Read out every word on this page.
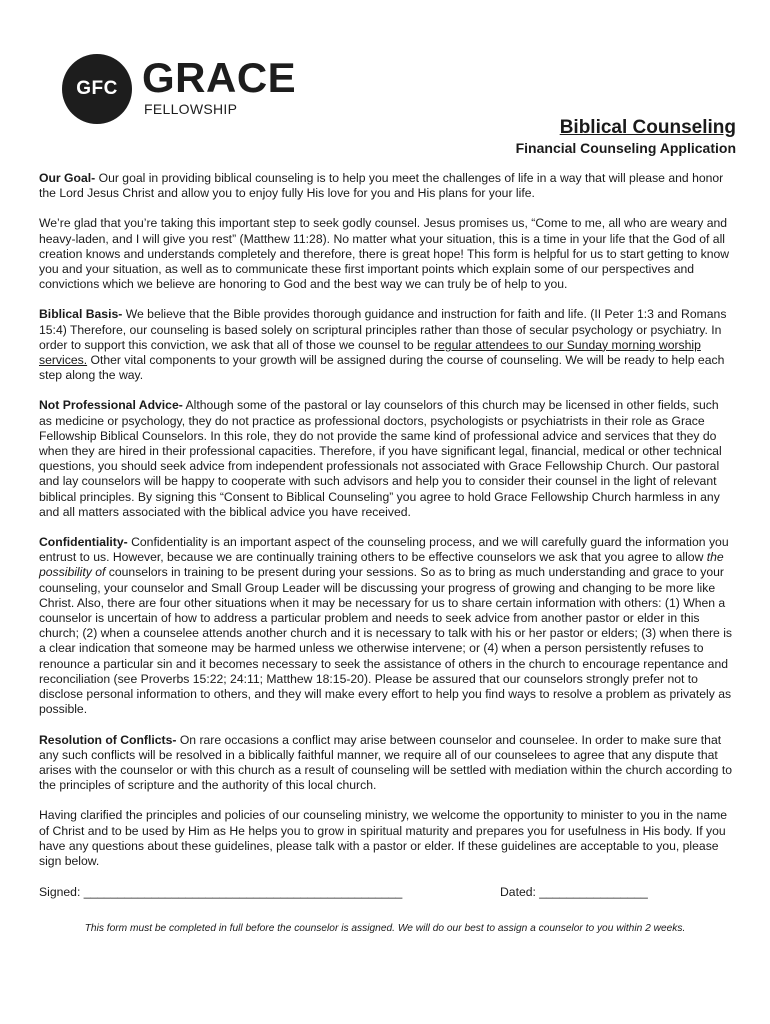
GFC GRACE
FELLOWSHIP
Biblical Counseling
Financial Counseling Application

Our Goal- Our goal in providing biblical counseling is to help you meet the challenges of life in a way that will please and honor the Lord Jesus Christ and allow you to enjoy fully His love for you and His plans for your life.

We’re glad that you’re taking this important step to seek godly counsel. Jesus promises us, “Come to me, all who are weary and heavy-laden, and I will give you rest” (Matthew 11:28). No matter what your situation, this is a time in your life that the God of all creation knows and understands completely and therefore, there is great hope! This form is helpful for us to start getting to know you and your situation, as well as to communicate these first important points which explain some of our perspectives and convictions which we believe are honoring to God and the best way we can truly be of help to you.

Biblical Basis- We believe that the Bible provides thorough guidance and instruction for faith and life. (II Peter 1:3 and Romans 15:4) Therefore, our counseling is based solely on scriptural principles rather than those of secular psychology or psychiatry. In order to support this conviction, we ask that all of those we counsel to be regular attendees to our Sunday morning worship services. Other vital components to your growth will be assigned during the course of counseling. We will be ready to help each step along the way.

Not Professional Advice- Although some of the pastoral or lay counselors of this church may be licensed in other fields, such as medicine or psychology, they do not practice as professional doctors, psychologists or psychiatrists in their role as Grace Fellowship Biblical Counselors. In this role, they do not provide the same kind of professional advice and services that they do when they are hired in their professional capacities. Therefore, if you have significant legal, financial, medical or other technical questions, you should seek advice from independent professionals not associated with Grace Fellowship Church. Our pastoral and lay counselors will be happy to cooperate with such advisors and help you to consider their counsel in the light of relevant biblical principles. By signing this “Consent to Biblical Counseling” you agree to hold Grace Fellowship Church harmless in any and all matters associated with the biblical advice you have received.

Confidentiality- Confidentiality is an important aspect of the counseling process, and we will carefully guard the information you entrust to us. However, because we are continually training others to be effective counselors we ask that you agree to allow the possibility of counselors in training to be present during your sessions. So as to bring as much understanding and grace to your counseling, your counselor and Small Group Leader will be discussing your progress of growing and changing to be more like Christ. Also, there are four other situations when it may be necessary for us to share certain information with others: (1) When a counselor is uncertain of how to address a particular problem and needs to seek advice from another pastor or elder in this church; (2) when a counselee attends another church and it is necessary to talk with his or her pastor or elders; (3) when there is a clear indication that someone may be harmed unless we otherwise intervene; or (4) when a person persistently refuses to renounce a particular sin and it becomes necessary to seek the assistance of others in the church to encourage repentance and reconciliation (see Proverbs 15:22; 24:11; Matthew 18:15-20). Please be assured that our counselors strongly prefer not to disclose personal information to others, and they will make every effort to help you find ways to resolve a problem as privately as possible.

Resolution of Conflicts- On rare occasions a conflict may arise between counselor and counselee. In order to make sure that any such conflicts will be resolved in a biblically faithful manner, we require all of our counselees to agree that any dispute that arises with the counselor or with this church as a result of counseling will be settled with mediation within the church according to the principles of scripture and the authority of this local church.

Having clarified the principles and policies of our counseling ministry, we welcome the opportunity to minister to you in the name of Christ and to be used by Him as He helps you to grow in spiritual maturity and prepares you for usefulness in His body. If you have any questions about these guidelines, please talk with a pastor or elder. If these guidelines are acceptable to you, please sign below.

Signed: _______________________________________________	Dated: ________________
This form must be completed in full before the counselor is assigned. We will do our best to assign a counselor to you within 2 weeks.
